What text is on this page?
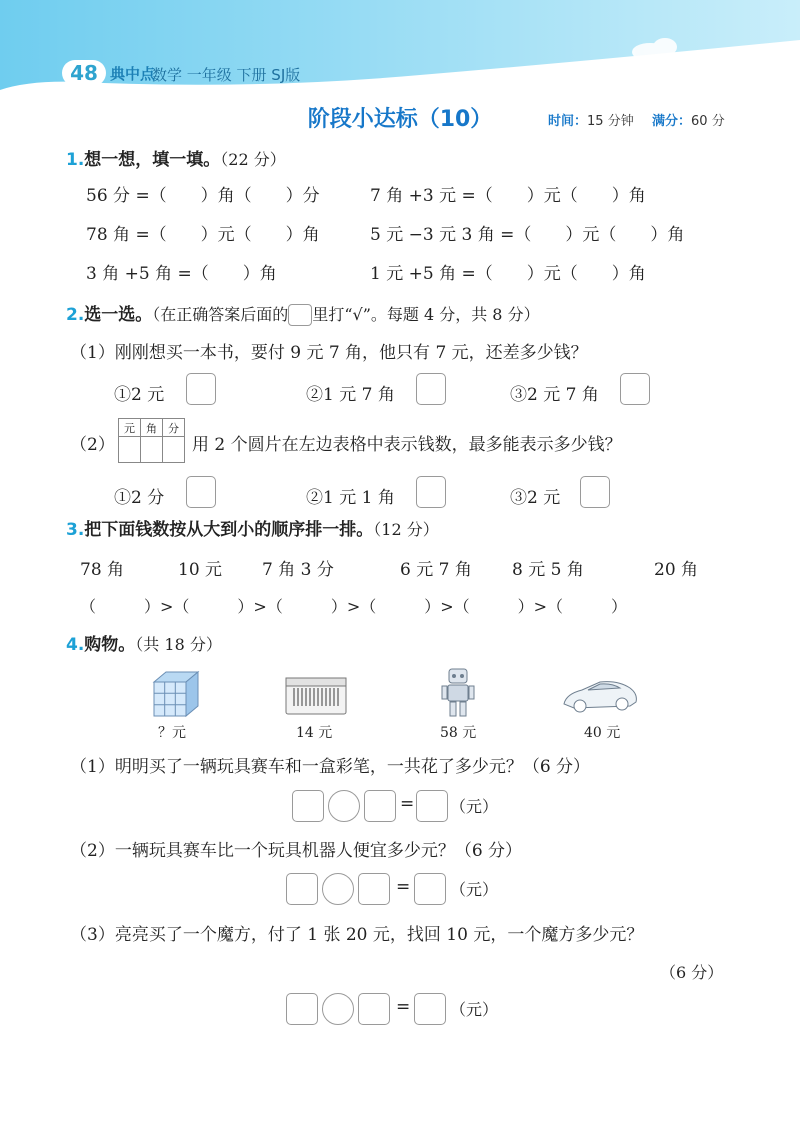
48 典中点
数学 一年级 下册 SJ版
阶段小达标（10）	时间：15 分钟 满分：60 分
1.想一想，填一填。（22 分）
56 分 =（　　）角（　　）分	7 角 +3 元 =（　　）元（　　）角
78 角 =（　　）元（　　）角	5 元 −3 元 3 角 =（　　）元（　　）角
3 角 +5 角 =（　　）角	1 元 +5 角 =（　　）元（　　）角
2.选一选。（在正确答案后面的 里打“√”。每题 4 分，共 8 分）
（1）刚刚想买一本书，要付 9 元 7 角，他只有 7 元，还差多少钱？
①2 元	②1 元 7 角	③2 元 7 角
（2）
元	角	分

用 2 个圆片在左边表格中表示钱数，最多能表示多少钱？
①2 分	②1 元 1 角	③2 元
3.把下面钱数按从大到小的顺序排一排。（12 分）
78 角	10 元 7 角 3 分	6 元 7 角 8 元 5 角	20 角
（　　　）>（　　　）>（　　　）>（　　　）>（　　　）>（　　　）
4.购物。（共 18 分）
？元	14 元	58 元	40 元
（1）明明买了一辆玩具赛车和一盒彩笔，一共花了多少元？（6 分）
= （元）
（2）一辆玩具赛车比一个玩具机器人便宜多少元？（6 分）
= （元）
（3）亮亮买了一个魔方，付了 1 张 20 元，找回 10 元，一个魔方多少元？
（6 分）
= （元）
